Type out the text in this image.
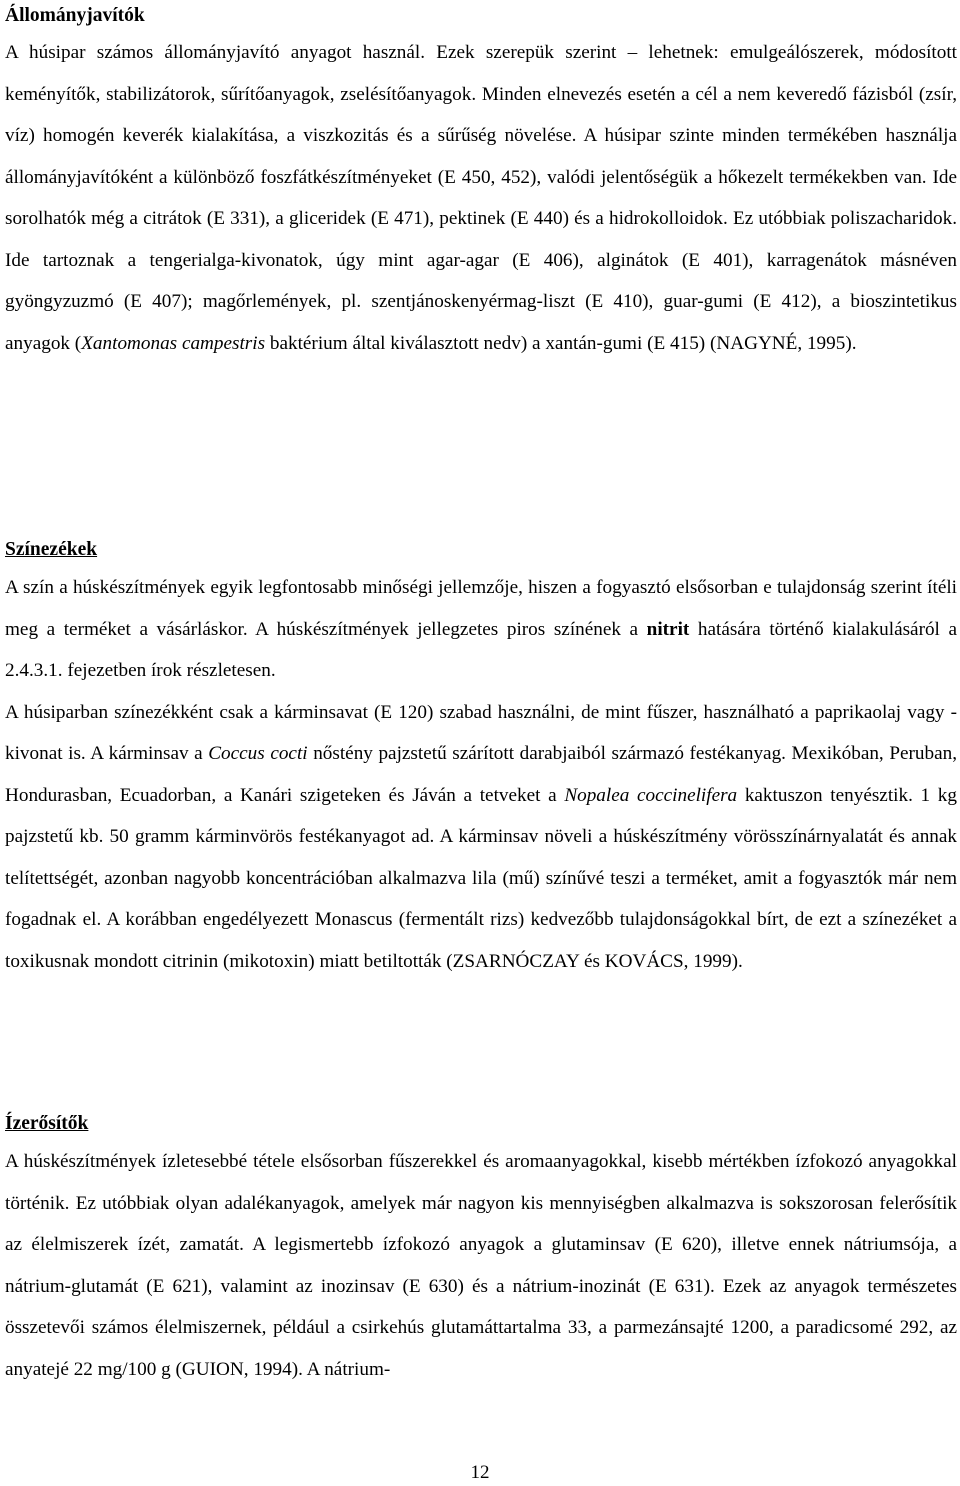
Állományjavítók

A húsipar számos állományjavító anyagot használ. Ezek szerepük szerint – lehetnek: emulgeálószerek, módosított keményítők, stabilizátorok, sűrítőanyagok, zselésítőanyagok. Minden elnevezés esetén a cél a nem keveredő fázisból (zsír, víz) homogén keverék kialakítása, a viszkozitás és a sűrűség növelése. A húsipar szinte minden termékében használja állományjavítóként a különböző foszfátkészítményeket (E 450, 452), valódi jelentőségük a hőkezelt termékekben van. Ide sorolhatók még a citrátok (E 331), a gliceridek (E 471), pektinek (E 440) és a hidrokolloidok. Ez utóbbiak poliszacharidok. Ide tartoznak a tengerialga-kivonatok, úgy mint agar-agar (E 406), alginátok (E 401), karragenátok másnéven gyöngyzuzmó (E 407); magőrlemények, pl. szentjánoskenyérmag-liszt (E 410), guar-gumi (E 412), a bioszintetikus anyagok (Xantomonas campestris baktérium által kiválasztott nedv) a xantán-gumi (E 415) (NAGYNÉ, 1995).

Színezékek

A szín a húskészítmények egyik legfontosabb minőségi jellemzője, hiszen a fogyasztó elsősorban e tulajdonság szerint ítéli meg a terméket a vásárláskor. A húskészítmények jellegzetes piros színének a nitrit hatására történő kialakulásáról a 2.4.3.1. fejezetben írok részletesen.

A húsiparban színezékként csak a kárminsavat (E 120) szabad használni, de mint fűszer, használható a paprikaolaj vagy -kivonat is. A kárminsav a Coccus cocti nőstény pajzstetű szárított darabjaiból származó festékanyag. Mexikóban, Peruban, Hondurasban, Ecuadorban, a Kanári szigeteken és Jáván a tetveket a Nopalea coccinelifera kaktuszon tenyésztik. 1 kg pajzstetű kb. 50 gramm kárminvörös festékanyagot ad. A kárminsav növeli a húskészítmény vörösszínárnyalatát és annak telítettségét, azonban nagyobb koncentrációban alkalmazva lila (mű) színűvé teszi a terméket, amit a fogyasztók már nem fogadnak el. A korábban engedélyezett Monascus (fermentált rizs) kedvezőbb tulajdonságokkal bírt, de ezt a színezéket a toxikusnak mondott citrinin (mikotoxin) miatt betiltották (ZSARNÓCZAY és KOVÁCS, 1999).

Ízerősítők

A húskészítmények ízletesebbé tétele elsősorban fűszerekkel és aromaanyagokkal, kisebb mértékben ízfokozó anyagokkal történik. Ez utóbbiak olyan adalékanyagok, amelyek már nagyon kis mennyiségben alkalmazva is sokszorosan felerősítik az élelmiszerek ízét, zamatát. A legismertebb ízfokozó anyagok a glutaminsav (E 620), illetve ennek nátriumsója, a nátrium-glutamát (E 621), valamint az inozinsav (E 630) és a nátrium-inozinát (E 631). Ezek az anyagok természetes összetevői számos élelmiszernek, például a csirkehús glutamáttartalma 33, a parmezánsajté 1200, a paradicsomé 292, az anyatejé 22 mg/100 g (GUION, 1994). A nátrium-

12
